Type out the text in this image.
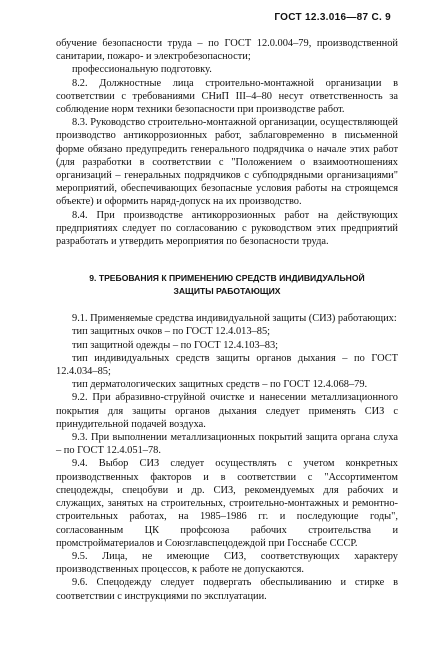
ГОСТ 12.3.016—87 С. 9

обучение безопасности труда – по ГОСТ 12.0.004–79, производственной санитарии, пожаро- и электробезопасности;

профессиональную подготовку.

8.2. Должностные лица строительно-монтажной организации в соответствии с требованиями СНиП III–4–80 несут ответственность за соблюдение норм техники безопасности при производстве работ.

8.3. Руководство строительно-монтажной организации, осуществляющей производство антикоррозионных работ, заблаговременно в письменной форме обязано предупредить генерального подрядчика о начале этих работ (для разработки в соответствии с "Положением о взаимоотношениях организаций – генеральных подрядчиков с субподрядными организациями" мероприятий, обеспечивающих безопасные условия работы на строящемся объекте) и оформить наряд-допуск на их производство.

8.4. При производстве антикоррозионных работ на действующих предприятиях следует по согласованию с руководством этих предприятий разработать и утвердить мероприятия по безопасности труда.

9. ТРЕБОВАНИЯ К ПРИМЕНЕНИЮ СРЕДСТВ ИНДИВИДУАЛЬНОЙ
ЗАЩИТЫ РАБОТАЮЩИХ

9.1. Применяемые средства индивидуальной защиты (СИЗ) работающих:

тип защитных очков – по ГОСТ 12.4.013–85;

тип защитной одежды – по ГОСТ 12.4.103–83;

тип индивидуальных средств защиты органов дыхания – по ГОСТ 12.4.034–85;

тип дерматологических защитных средств – по ГОСТ 12.4.068–79.

9.2. При абразивно-струйной очистке и нанесении металлизационного покрытия для защиты органов дыхания следует применять СИЗ с принудительной подачей воздуха.

9.3. При выполнении металлизационных покрытий защита органа слуха – по ГОСТ 12.4.051–78.

9.4. Выбор СИЗ следует осуществлять с учетом конкретных производственных факторов и в соответствии с "Ассортиментом спецодежды, спецобуви и др. СИЗ, рекомендуемых для рабочих и служащих, занятых на строительных, строительно-монтажных и ремонтно-строительных работах, на 1985–1986 гг. и последующие годы", согласованным ЦК профсоюза рабочих строительства и промстройматериалов и Союзглавспецодеждой при Госснабе СССР.

9.5. Лица, не имеющие СИЗ, соответствующих характеру производственных процессов, к работе не допускаются.

9.6. Спецодежду следует подвергать обеспыливанию и стирке в соответствии с инструкциями по эксплуатации.
